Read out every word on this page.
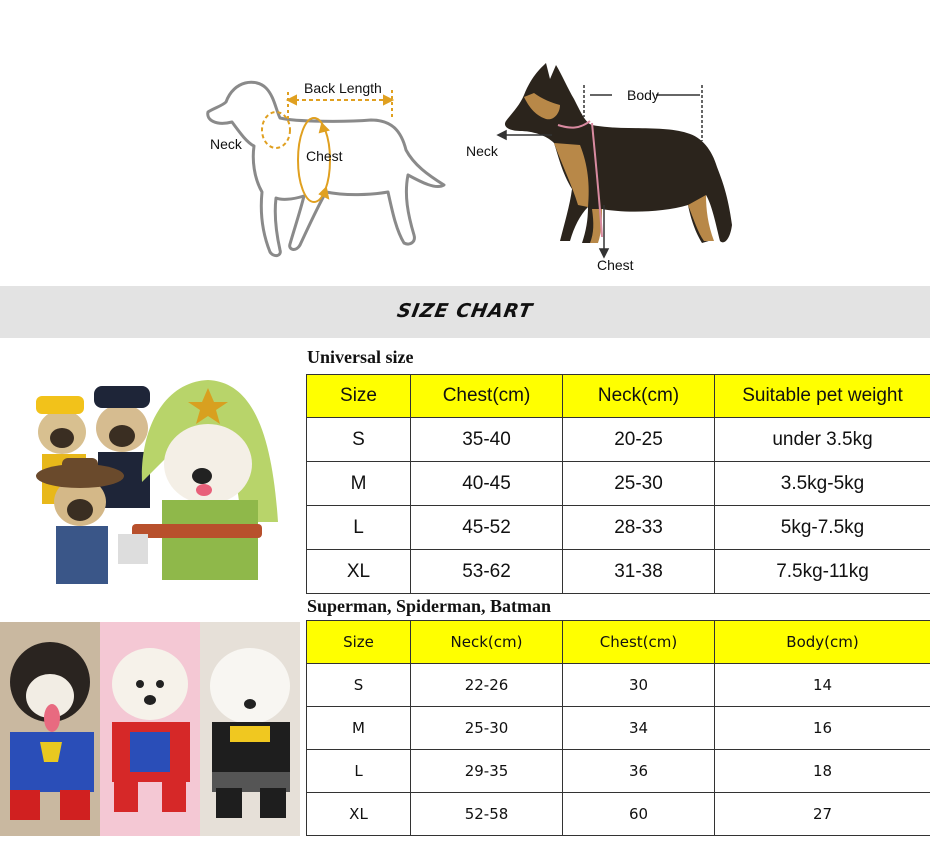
Back Length
Neck
Chest
Body
Neck
Chest
SIZE CHART
Universal size
Size	Chest(cm)	Neck(cm)	Suitable pet weight
S	35-40	20-25	under 3.5kg
M	40-45	25-30	3.5kg-5kg
L	45-52	28-33	5kg-7.5kg
XL	53-62	31-38	7.5kg-11kg
Superman, Spiderman, Batman
Size	Neck(cm)	Chest(cm)	Body(cm)
S	22-26	30	14
M	25-30	34	16
L	29-35	36	18
XL	52-58	60	27
